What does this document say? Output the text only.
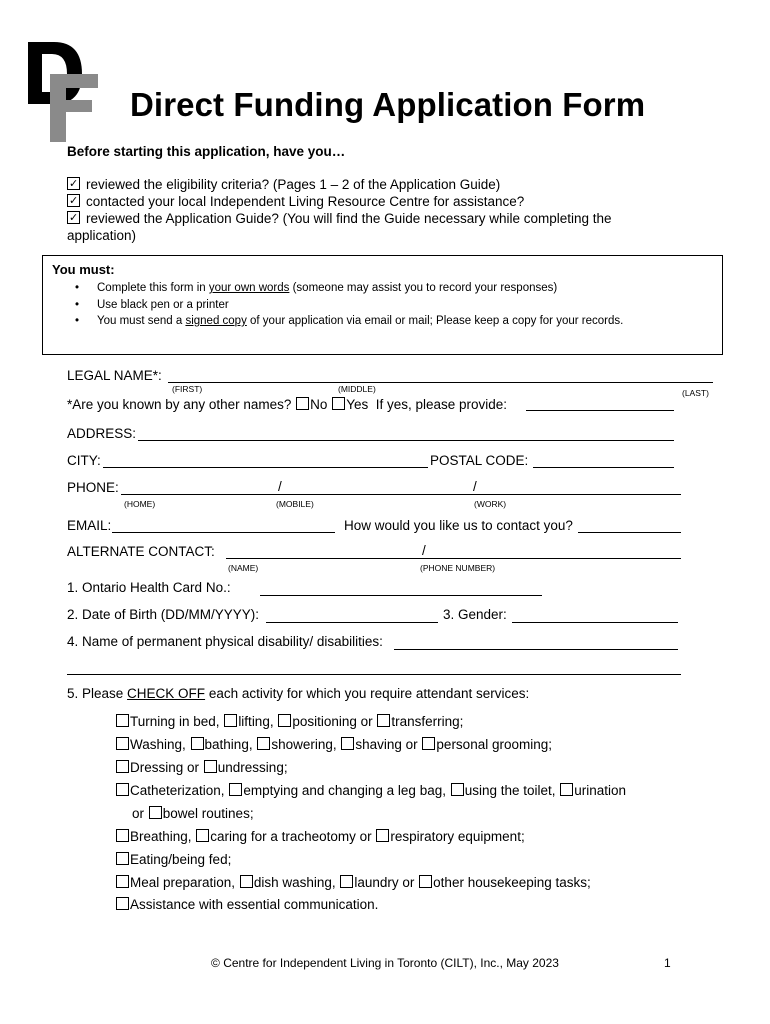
Direct Funding Application Form
Before starting this application, have you…
✓reviewed the eligibility criteria? (Pages 1 – 2 of the Application Guide)
✓contacted your local Independent Living Resource Centre for assistance?
✓reviewed the Application Guide? (You will find the Guide necessary while completing the
application)
You must:
• Complete this form in your own words (someone may assist you to record your responses)
• Use black pen or a printer
• You must send a signed copy of your application via email or mail; Please keep a copy for your records.
LEGAL NAME*:
(FIRST)	(MIDDLE)	(LAST)
*Are you known by any other names? No Yes If yes, please provide:
ADDRESS:
CITY:	POSTAL CODE:
PHONE:	/	/
(HOME)	(MOBILE)	(WORK)
EMAIL:	How would you like us to contact you?
ALTERNATE CONTACT:	/
(NAME)	(PHONE NUMBER)
1. Ontario Health Card No.:
2. Date of Birth (DD/MM/YYYY):	3. Gender:
4. Name of permanent physical disability/ disabilities:
5. Please CHECK OFF each activity for which you require attendant services:
Turning in bed, lifting, positioning or transferring;
Washing, bathing, showering, shaving or personal grooming;
Dressing or undressing;
Catheterization, emptying and changing a leg bag, using the toilet, urination
or bowel routines;
Breathing, caring for a tracheotomy or respiratory equipment;
Eating/being fed;
Meal preparation, dish washing, laundry or other housekeeping tasks;
Assistance with essential communication.
© Centre for Independent Living in Toronto (CILT), Inc., May 2023	1
